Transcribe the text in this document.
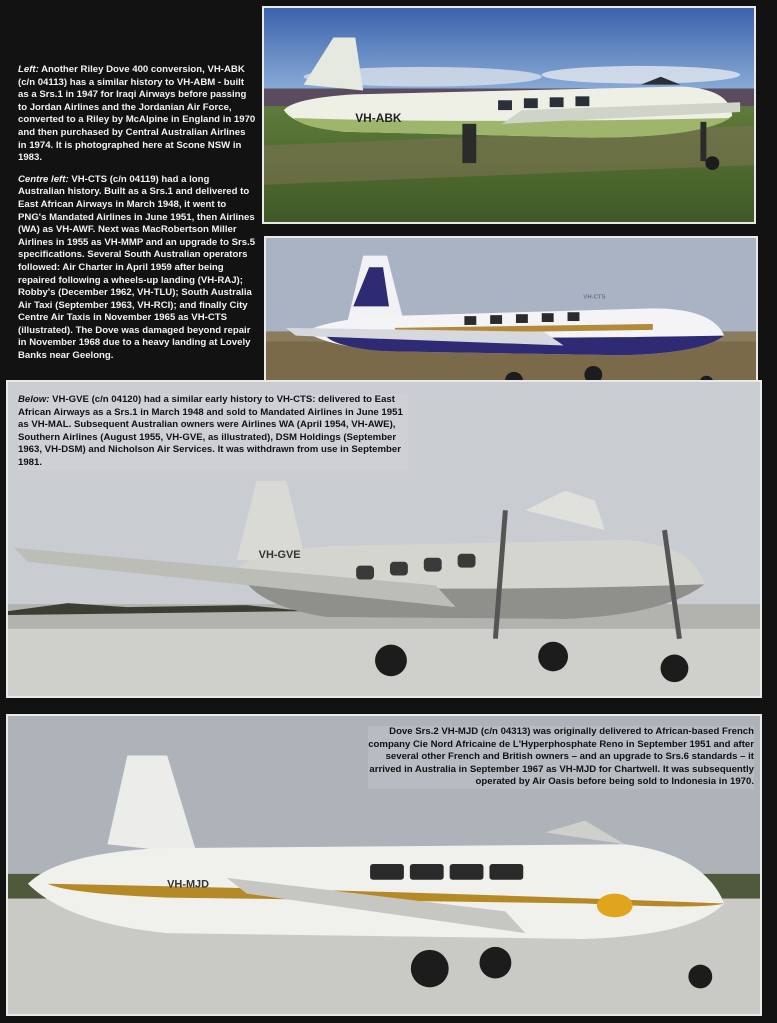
Left: Another Riley Dove 400 conversion, VH-ABK (c/n 04113) has a similar history to VH-ABM - built as a Srs.1 in 1947 for Iraqi Airways before passing to Jordan Airlines and the Jordanian Air Force, converted to a Riley by McAlpine in England in 1970 and then purchased by Central Australian Airlines in 1974. It is photographed here at Scone NSW in 1983.

Centre left: VH-CTS (c/n 04119) had a long Australian history. Built as a Srs.1 and delivered to East African Airways in March 1948, it went to PNG's Mandated Airlines in June 1951, then Airlines (WA) as VH-AWF. Next was MacRobertson Miller Airlines in 1955 as VH-MMP and an upgrade to Srs.5 specifications. Several South Australian operators followed: Air Charter in April 1959 after being repaired following a wheels-up landing (VH-RAJ); Robby's (December 1962, VH-TLU); South Australia Air Taxi (September 1963, VH-RCI); and finally City Centre Air Taxis in November 1965 as VH-CTS (illustrated). The Dove was damaged beyond repair in November 1968 due to a heavy landing at Lovely Banks near Geelong.

VH-ABK
VH-CTS
VH-GVE

Below: VH-GVE (c/n 04120) had a similar early history to VH-CTS: delivered to East African Airways as a Srs.1 in March 1948 and sold to Mandated Airlines in June 1951 as VH-MAL. Subsequent Australian owners were Airlines WA (April 1954, VH-AWE), Southern Airlines (August 1955, VH-GVE, as illustrated), DSM Holdings (September 1963, VH-DSM) and Nicholson Air Services. It was withdrawn from use in September 1981.

VH-MJD

Dove Srs.2 VH-MJD (c/n 04313) was originally delivered to African-based French company Cie Nord Africaine de L'Hyperphosphate Reno in September 1951 and after several other French and British owners – and an upgrade to Srs.6 standards – it arrived in Australia in September 1967 as VH-MJD for Chartwell. It was subsequently operated by Air Oasis before being sold to Indonesia in 1970.
